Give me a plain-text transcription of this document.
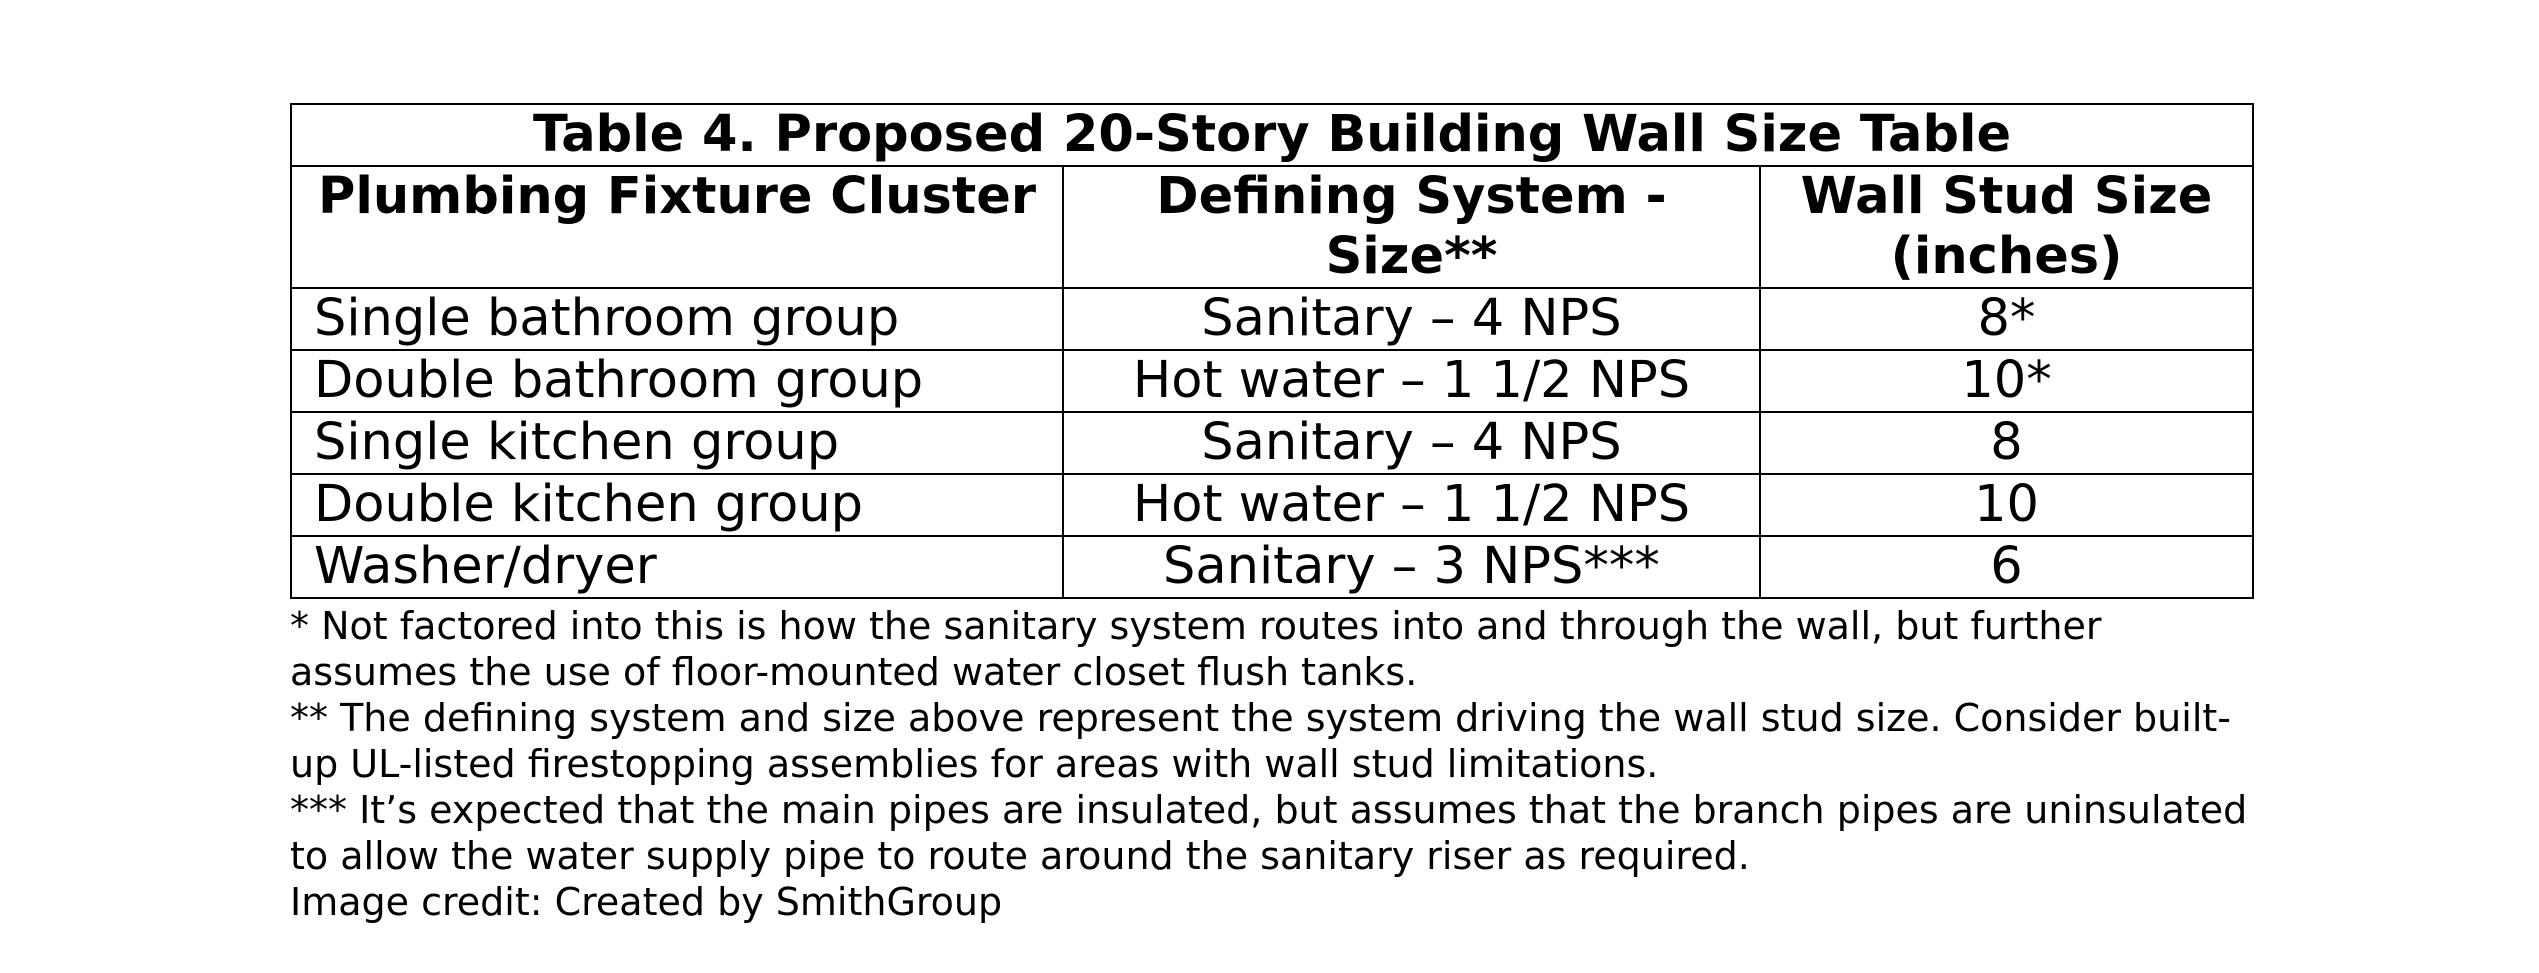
Table 4. Proposed 20-Story Building Wall Size Table		
Plumbing Fixture Cluster	Defining System - Size**	Wall Stud Size (inches)
Single bathroom group	Sanitary – 4 NPS	8*
Double bathroom group	Hot water – 1 1/2 NPS	10*
Single kitchen group	Sanitary – 4 NPS	8
Double kitchen group	Hot water – 1 1/2 NPS	10
Washer/dryer	Sanitary – 3 NPS***	6

* Not factored into this is how the sanitary system routes into and through the wall, but further assumes the use of floor-mounted water closet flush tanks.

** The defining system and size above represent the system driving the wall stud size. Consider built-up UL-listed firestopping assemblies for areas with wall stud limitations.

*** It’s expected that the main pipes are insulated, but assumes that the branch pipes are uninsulated to allow the water supply pipe to route around the sanitary riser as required.

Image credit: Created by SmithGroup
